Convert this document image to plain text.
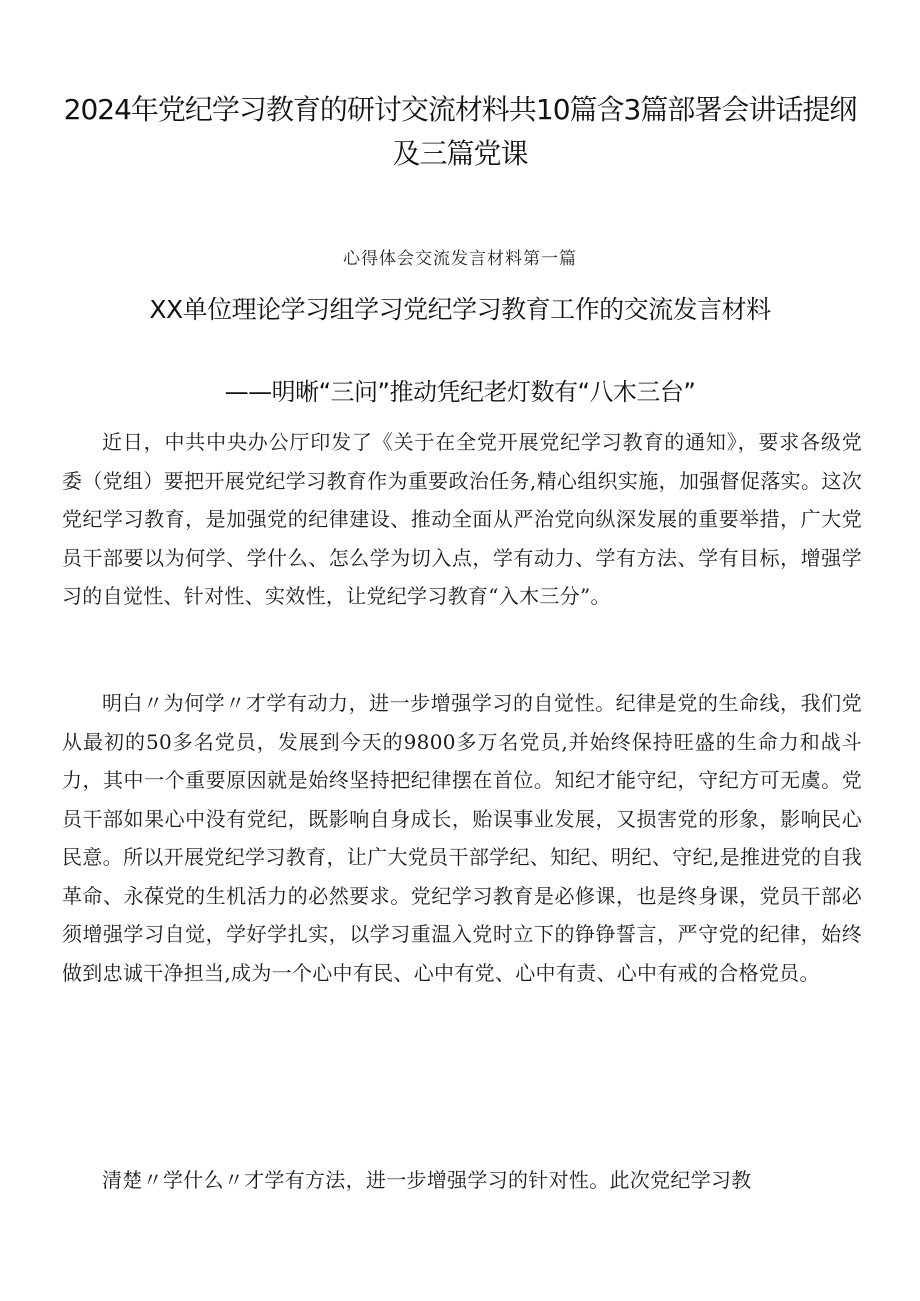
2024年党纪学习教育的研讨交流材料共10篇含3篇部署会讲话提纲及三篇党课
心得体会交流发言材料第一篇
XX单位理论学习组学习党纪学习教育工作的交流发言材料
——明晰“三问”推动凭纪老灯数有“八木三台”

近日，中共中央办公厅印发了《关于在全党开展党纪学习教育的通知》，要求各级党委（党组）要把开展党纪学习教育作为重要政治任务,精心组织实施，加强督促落实。这次党纪学习教育，是加强党的纪律建设、推动全面从严治党向纵深发展的重要举措，广大党员干部要以为何学、学什么、怎么学为切入点，学有动力、学有方法、学有目标，增强学习的自觉性、针对性、实效性，让党纪学习教育“入木三分”。

明白〃为何学〃才学有动力，进一步增强学习的自觉性。纪律是党的生命线，我们党从最初的50多名党员，发展到今天的9800多万名党员,并始终保持旺盛的生命力和战斗力，其中一个重要原因就是始终坚持把纪律摆在首位。知纪才能守纪，守纪方可无虞。党员干部如果心中没有党纪，既影响自身成长，贻误事业发展，又损害党的形象，影响民心民意。所以开展党纪学习教育，让广大党员干部学纪、知纪、明纪、守纪,是推进党的自我革命、永葆党的生机活力的必然要求。党纪学习教育是必修课，也是终身课，党员干部必须增强学习自觉，学好学扎实，以学习重温入党时立下的铮铮誓言，严守党的纪律，始终做到忠诚干净担当,成为一个心中有民、心中有党、心中有责、心中有戒的合格党员。

清楚〃学什么〃才学有方法，进一步增强学习的针对性。此次党纪学习教
